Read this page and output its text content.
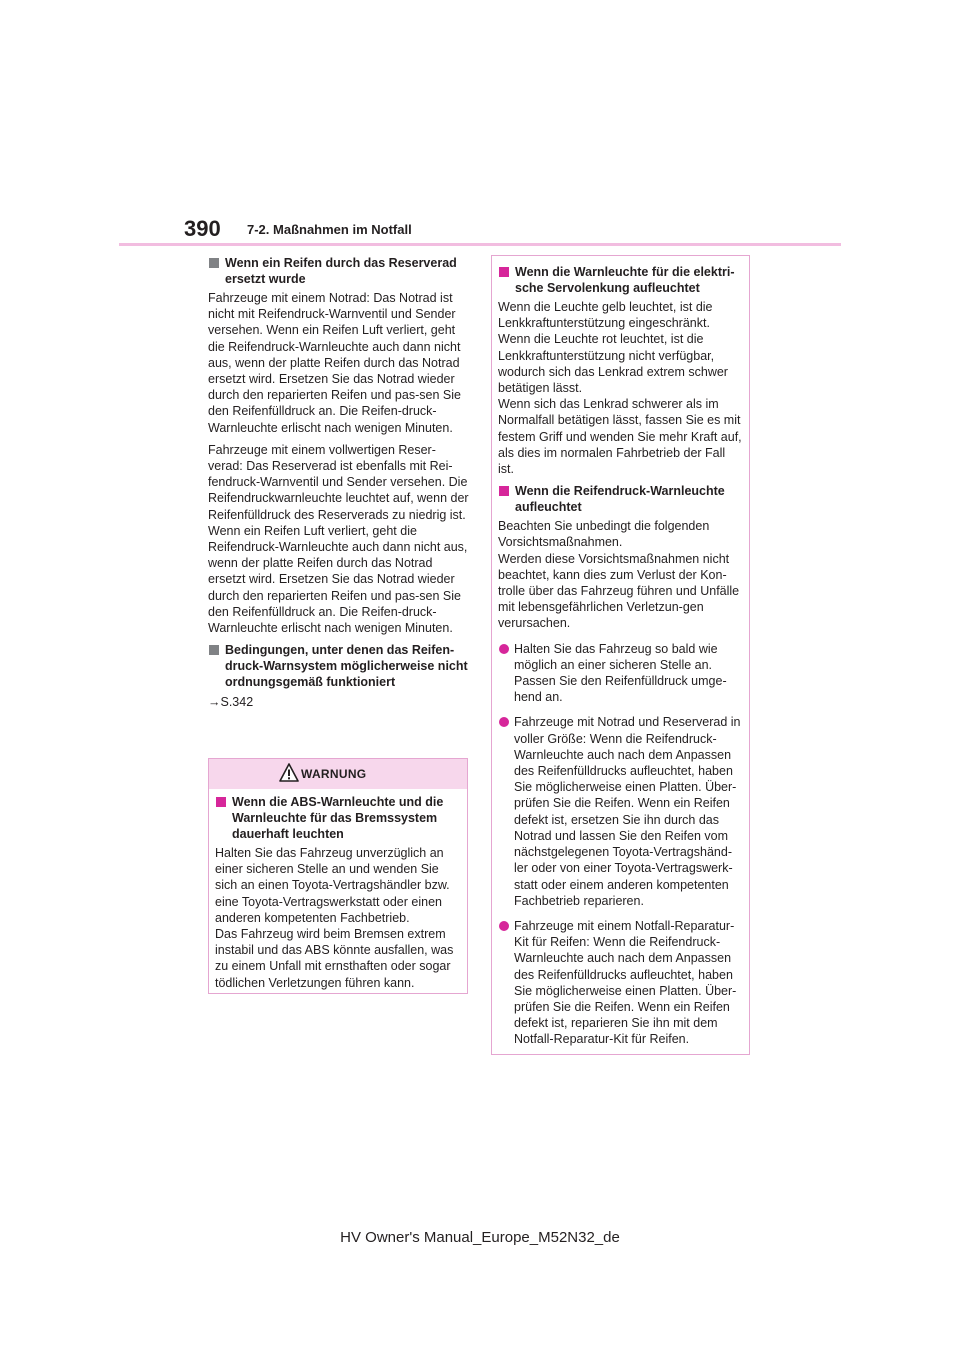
390 7-2. Maßnahmen im Notfall
Wenn ein Reifen durch das Reserverad ersetzt wurde

Fahrzeuge mit einem Notrad: Das Notrad ist nicht mit Reifendruck-Warnventil und Sender versehen. Wenn ein Reifen Luft verliert, geht die Reifendruck-Warnleuchte auch dann nicht aus, wenn der platte Reifen durch das Notrad ersetzt wird. Ersetzen Sie das Notrad wieder durch den reparierten Reifen und pas-sen Sie den Reifenfülldruck an. Die Reifen-druck-Warnleuchte erlischt nach wenigen Minuten.

Fahrzeuge mit einem vollwertigen Reser-verad: Das Reserverad ist ebenfalls mit Rei-fendruck-Warnventil und Sender versehen. Die Reifendruckwarnleuchte leuchtet auf, wenn der Reifenfülldruck des Reserverads zu niedrig ist. Wenn ein Reifen Luft verliert, geht die Reifendruck-Warnleuchte auch dann nicht aus, wenn der platte Reifen durch das Notrad ersetzt wird. Ersetzen Sie das Notrad wieder durch den reparierten Reifen und pas-sen Sie den Reifenfülldruck an. Die Reifen-druck-Warnleuchte erlischt nach wenigen Minuten.

Bedingungen, unter denen das Reifen-druck-Warnsystem möglicherweise nicht ordnungsgemäß funktioniert
→S.342
WARNUNG
Wenn die ABS-Warnleuchte und die Warnleuchte für das Bremssystem dauerhaft leuchten

Halten Sie das Fahrzeug unverzüglich an einer sicheren Stelle an und wenden Sie sich an einen Toyota-Vertragshändler bzw. eine Toyota-Vertragswerkstatt oder einen anderen kompetenten Fachbetrieb.

Das Fahrzeug wird beim Bremsen extrem instabil und das ABS könnte ausfallen, was zu einem Unfall mit ernsthaften oder sogar tödlichen Verletzungen führen kann.

Wenn die Warnleuchte für die elektri-sche Servolenkung aufleuchtet

Wenn die Leuchte gelb leuchtet, ist die Lenkkraftunterstützung eingeschränkt. Wenn die Leuchte rot leuchtet, ist die Lenkkraftunterstützung nicht verfügbar, wodurch sich das Lenkrad extrem schwer betätigen lässt.

Wenn sich das Lenkrad schwerer als im Normalfall betätigen lässt, fassen Sie es mit festem Griff und wenden Sie mehr Kraft auf, als dies im normalen Fahrbetrieb der Fall ist.

Wenn die Reifendruck-Warnleuchte aufleuchtet

Beachten Sie unbedingt die folgenden Vorsichtsmaßnahmen.

Werden diese Vorsichtsmaßnahmen nicht beachtet, kann dies zum Verlust der Kon-trolle über das Fahrzeug führen und Unfälle mit lebensgefährlichen Verletzun-gen verursachen.

Halten Sie das Fahrzeug so bald wie möglich an einer sicheren Stelle an. Passen Sie den Reifenfülldruck umge-hend an.
Fahrzeuge mit Notrad und Reserverad in voller Größe: Wenn die Reifendruck-Warnleuchte auch nach dem Anpassen des Reifenfülldrucks aufleuchtet, haben Sie möglicherweise einen Platten. Über-prüfen Sie die Reifen. Wenn ein Reifen defekt ist, ersetzen Sie ihn durch das Notrad und lassen Sie den Reifen vom nächstgelegenen Toyota-Vertragshänd-ler oder von einer Toyota-Vertragswerk-statt oder einem anderen kompetenten Fachbetrieb reparieren.
Fahrzeuge mit einem Notfall-Reparatur-Kit für Reifen: Wenn die Reifendruck-Warnleuchte auch nach dem Anpassen des Reifenfülldrucks aufleuchtet, haben Sie möglicherweise einen Platten. Über-prüfen Sie die Reifen. Wenn ein Reifen defekt ist, reparieren Sie ihn mit dem Notfall-Reparatur-Kit für Reifen.
HV Owner's Manual_Europe_M52N32_de
